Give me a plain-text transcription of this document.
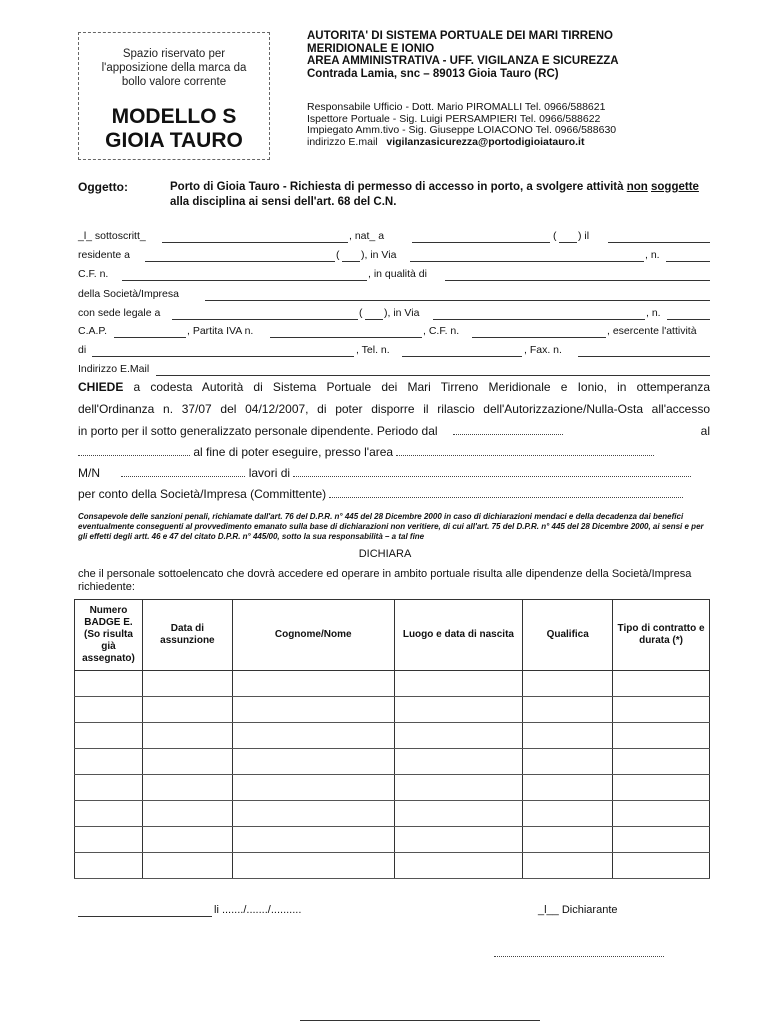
Spazio riservato per
l'apposizione della marca da
bollo valore corrente
MODELLO S
GIOIA TAURO
AUTORITA' DI SISTEMA PORTUALE DEI MARI TIRRENO
MERIDIONALE E IONIO
AREA AMMINISTRATIVA - UFF. VIGILANZA E SICUREZZA
Contrada Lamia, snc – 89013 Gioia Tauro (RC)
Responsabile Ufficio - Dott. Mario PIROMALLI Tel. 0966/588621
Ispettore Portuale - Sig. Luigi PERSAMPIERI Tel. 0966/588622
Impiegato Amm.tivo - Sig. Giuseppe LOIACONO Tel. 0966/588630
indirizzo E.mail vigilanzasicurezza@portodigioiatauro.it
Oggetto:	Porto di Gioia Tauro - Richiesta di permesso di accesso in porto, a svolgere attività non soggette alla disciplina ai sensi dell'art. 68 del C.N.
_l_ sottoscritt_	, nat_ a	( ) il
residente a	( ), in Via	, n.
C.F. n.	, in qualità di
della Società/Impresa
con sede legale a	( ), in Via	, n.
C.A.P.	, Partita IVA n.	, C.F. n.	, esercente l'attività
di	, Tel. n.	, Fax. n.
Indirizzo E.Mail
CHIEDE a codesta Autorità di Sistema Portuale dei Mari Tirreno Meridionale e Ionio, in ottemperanza
dell'Ordinanza n. 37/07 del 04/12/2007, di poter disporre il rilascio dell'Autorizzazione/Nulla-Osta all'accesso
in porto per il sotto generalizzato personale dipendente. Periodo dal	al
al fine di poter eseguire, presso l'area
M/N	lavori di
per conto della Società/Impresa (Committente)
Consapevole delle sanzioni penali, richiamate dall'art. 76 del D.P.R. n° 445 del 28 Dicembre 2000 in caso di dichiarazioni mendaci e della decadenza dai benefici eventualmente conseguenti al provvedimento emanato sulla base di dichiarazioni non veritiere, di cui all'art. 75 del D.P.R. n° 445 del 28 Dicembre 2000, ai sensi e per gli effetti degli artt. 46 e 47 del citato D.P.R. n° 445/00, sotto la sua responsabilità – a tal fine
DICHIARA
che il personale sottoelencato che dovrà accedere ed operare in ambito portuale risulta alle dipendenze della Società/Impresa richiedente:
Numero BADGE E. (So risulta già assegnato)	Data di assunzione	Cognome/Nome	Luogo e data di nascita	Qualifica	Tipo di contratto e durata (*)

li ......./......./..........	_l__ Dichiarante
